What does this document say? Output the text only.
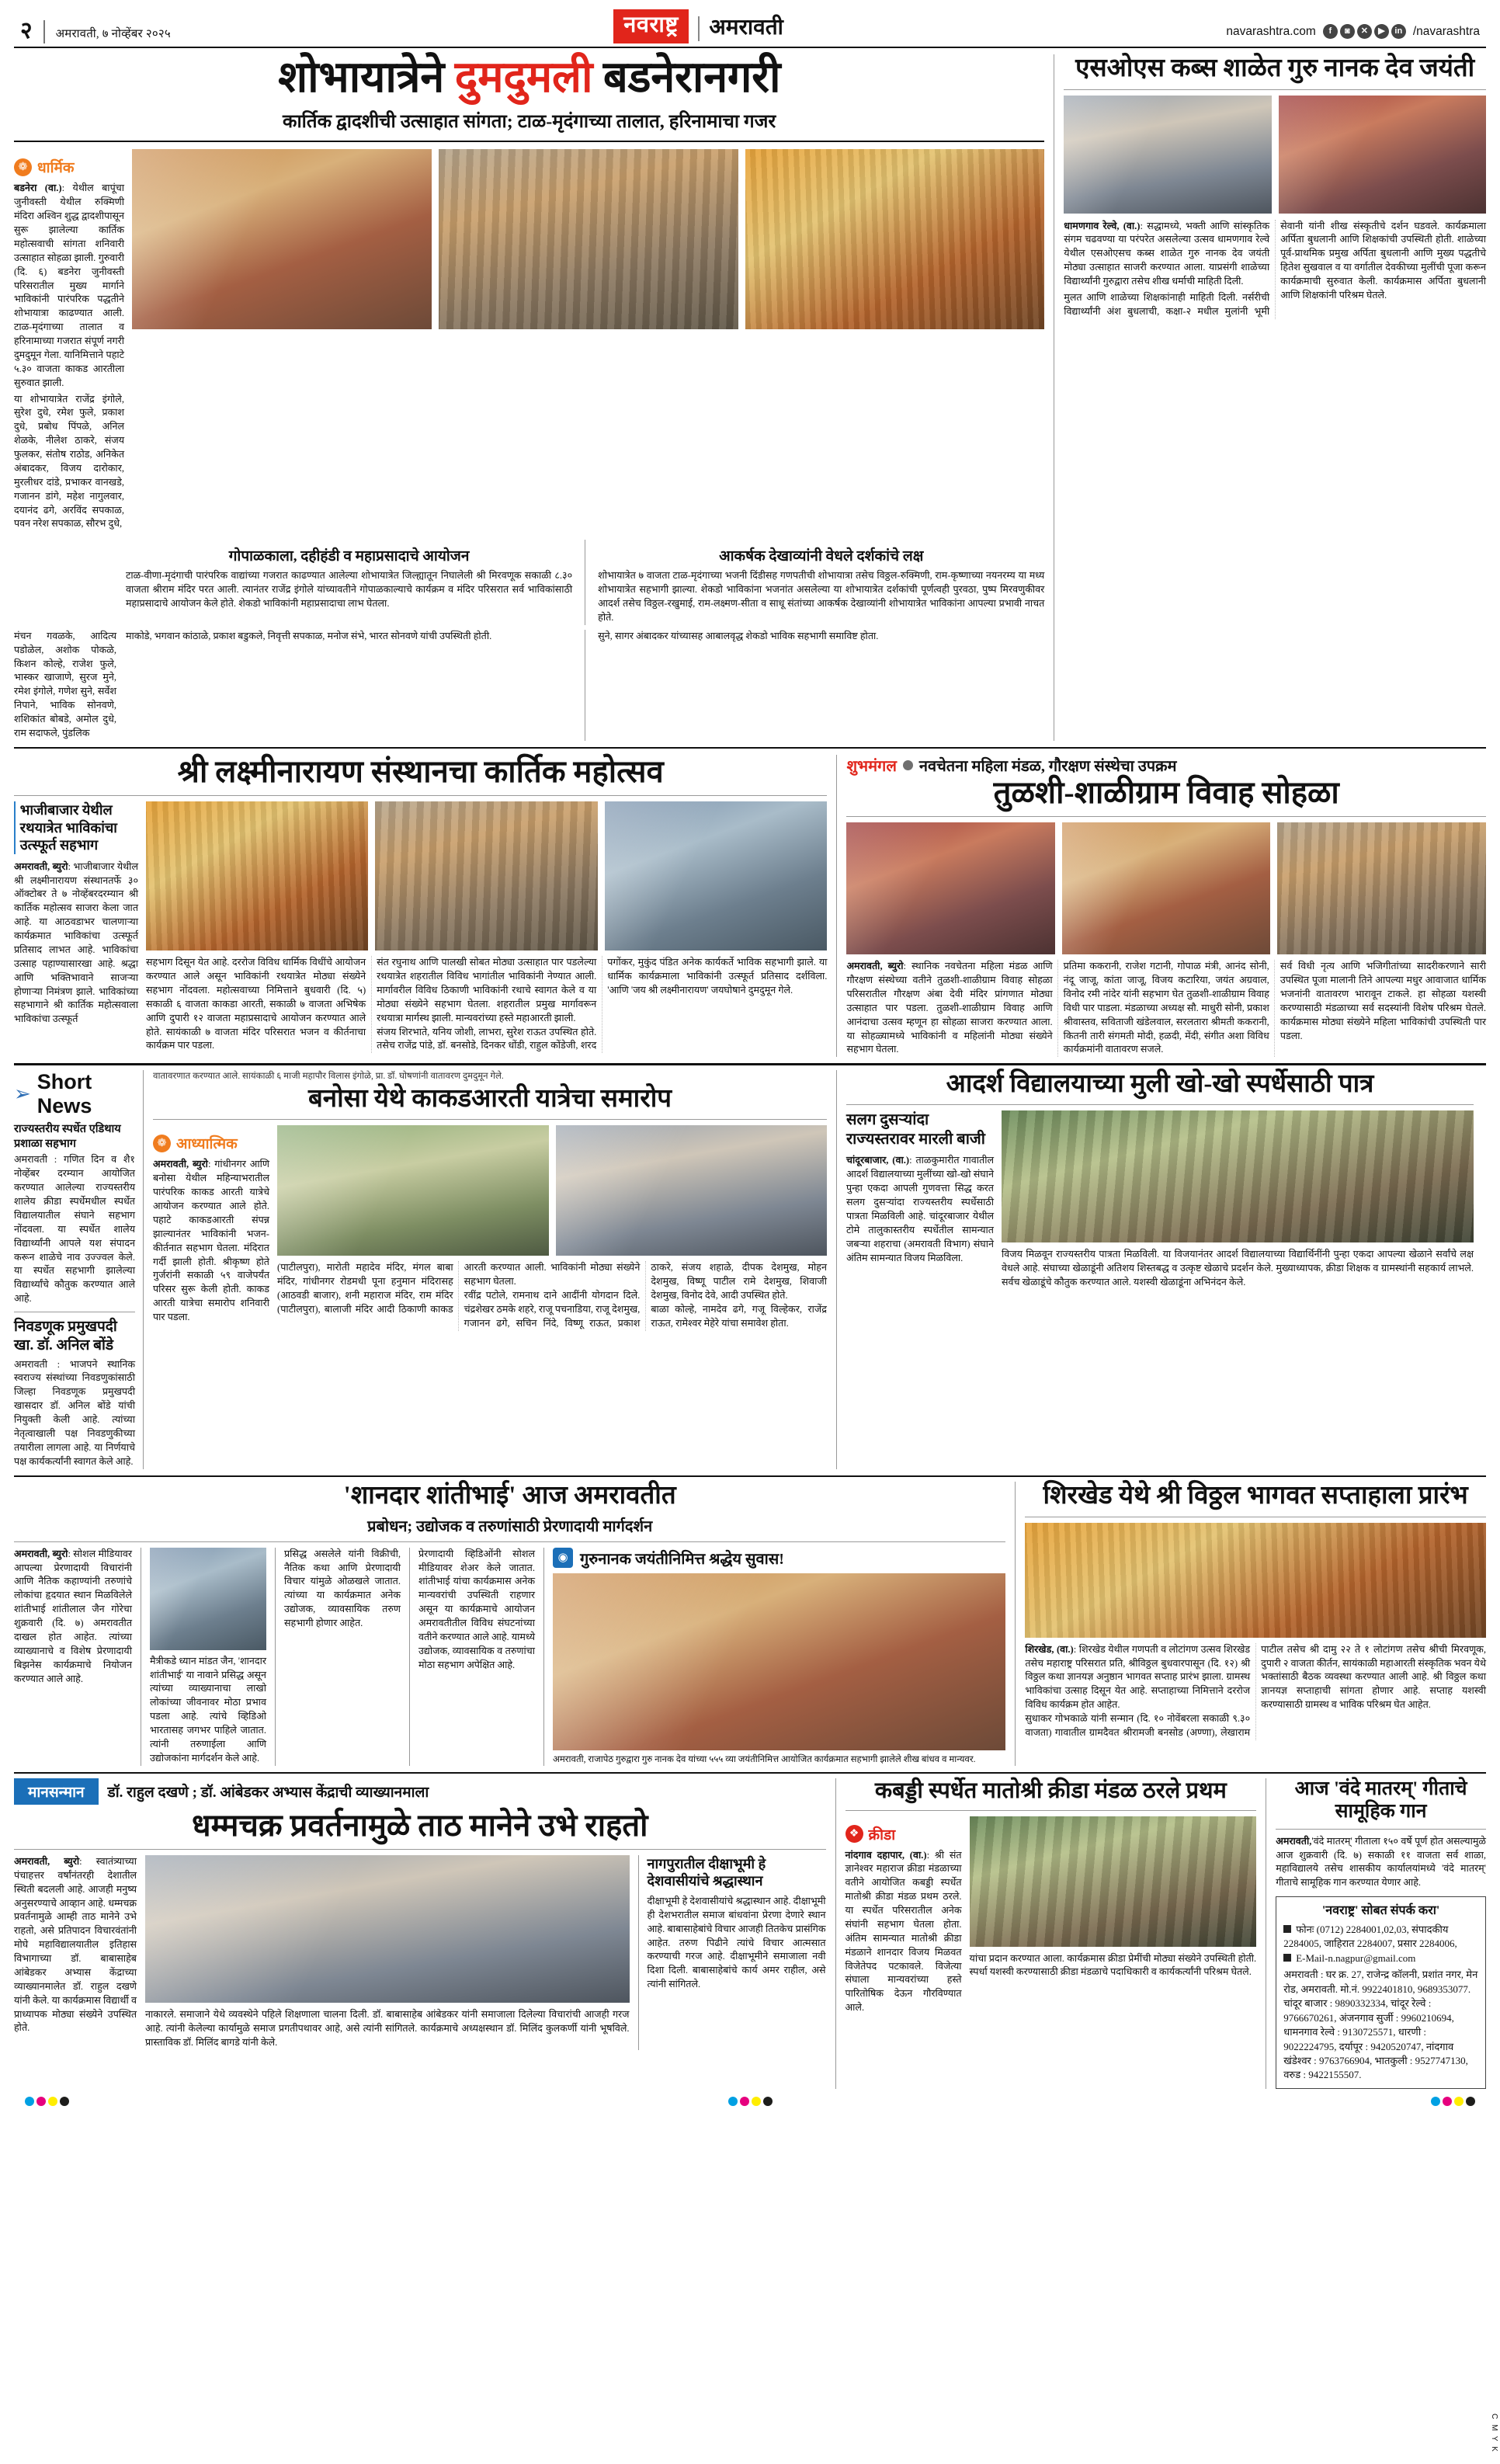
२ अमरावती, ७ नोव्हेंबर २०२५	नवराष्ट्र	अमरावती	navarashtra.com	f	◙	✕	▶	in /navarashtra
शोभायात्रेने दुमदुमली बडनेरानगरी
कार्तिक द्वादशीची उत्साहात सांगता; टाळ-मृदंगाच्या तालात, हरिनामाचा गजर
❁ धार्मिक

बडनेरा (वा.): येथील बापूंचा जुनीवस्ती येथील रुक्मिणी मंदिरा अश्विन शुद्ध द्वादशीपासून सुरू झालेल्या कार्तिक महोत्सवाची सांगता शनिवारी उत्साहात सोहळा झाली. गुरुवारी (दि. ६) बडनेरा जुनीवस्ती परिसरातील मुख्य मार्गाने भाविकांनी पारंपरिक पद्धतीने शोभायात्रा काढण्यात आली. टाळ-मृदंगाच्या तालात व हरिनामाच्या गजरात संपूर्ण नगरी दुमदुमून गेला. यानिमित्ताने पहाटे ५.३० वाजता काकड आरतीला सुरुवात झाली.

या शोभायात्रेत राजेंद्र इंगोले, सुरेश दुधे, रमेश फुले, प्रकाश दुधे, प्रबोध पिंपळे, अनिल शेळके, नीलेश ठाकरे, संजय फुलकर, संतोष राठोड, अनिकेत अंबादकर, विजय दारोकार, मुरलीधर दांडे, प्रभाकर वानखडे, गजानन डांगे, महेश नागुलवार, दयानंद ढगे, अरविंद सपकाळ, पवन नरेश सपकाळ, सौरभ दुधे,

गोपाळकाला, दहीहंडी व महाप्रसादाचे आयोजन
टाळ-वीणा-मृदंगाची पारंपरिक वाद्यांच्या गजरात काढण्यात आलेल्या शोभायात्रेत जिल्ह्यातून निघालेली श्री मिरवणूक सकाळी ८.३० वाजता श्रीराम मंदिर परत आली. त्यानंतर राजेंद्र इंगोले यांच्यावतीने गोपाळकाल्याचे कार्यक्रम व मंदिर परिसरात सर्व भाविकांसाठी महाप्रसादाचे आयोजन केले होते. शेकडो भाविकांनी महाप्रसादाचा लाभ घेतला.
आकर्षक देखाव्यांनी वेधले दर्शकांचे लक्ष
शोभायात्रेत ७ वाजता टाळ-मृदंगाच्या भजनी दिंडीसह गणपतीची शोभायात्रा तसेच विठ्ठल-रुक्मिणी, राम-कृष्णाच्या नयनरम्य या मध्य शोभायात्रेत सहभागी झाल्या. शेकडो भाविकांना भजनांत असलेल्या या शोभायात्रेत दर्शकांची पूर्णत्वही पुरवठा, पुष्प मिरवणुकीवर आदर्श तसेच विठ्ठल-रखुमाई, राम-लक्ष्मण-सीता व साधू संतांच्या आकर्षक देखाव्यांनी शोभायात्रेत भाविकांना आपल्या प्रभावी नाचत होते.
मंचन गवळके, आदित्य पडोळेल, अशोक पोकळे, किशन कोल्हे, राजेश फुले, भास्कर खाजाणे, सुरज मुने, रमेश इंगोले, गणेश सुने, सर्वेश निपाने, भाविक सोनवणे, शशिकांत बोबडे, अमोल दुधे, राम सदाफले, पुंडलिक
माकोडे, भगवान कांठाळे, प्रकाश बडुकले, निवृत्ती सपकाळ, मनोज संभे, भारत सोनवणे यांची उपस्थिती होती.	सुने, सागर अंबादकर यांच्यासह आबालवृद्ध शेकडो भाविक सहभागी समाविष्ट होता.
एसओएस कब्स शाळेत गुरु नानक देव जयंती

धामणगाव रेल्वे, (वा.): सद्धामध्ये, भक्ती आणि सांस्कृतिक संगम चढवण्या या परंपरेत असलेल्या उत्सव धामणगाव रेल्वे येथील एसओएसच कब्स शाळेत गुरु नानक देव जयंती मोठ्या उत्साहात साजरी करण्यात आला. याप्रसंगी शाळेच्या विद्यार्थ्यांनी गुरुद्वारा तसेच शीख धर्माची माहिती दिली.

मुलत आणि शाळेच्या शिक्षकांनाही माहिती दिली. नर्सरीची विद्यार्थ्यांनी अंश बुधलाची, कक्षा-२ मधील मुलांनी भूमी सेवानी यांनी शीख संस्कृतीचे दर्शन घडवले. कार्यक्रमाला अर्पिता बुधलानी आणि शिक्षकांची उपस्थिती होती. शाळेच्या पूर्व-प्राथमिक प्रमुख अर्पिता बुधलानी आणि मुख्य पद्धतीचे हितेश सुखवाल व या वर्गातील देवकीच्या मुलींची पूजा करून कार्यक्रमाची सुरुवात केली. कार्यक्रमास अर्पिता बुधलानी आणि शिक्षकांनी परिश्रम घेतले.
श्री लक्ष्मीनारायण संस्थानचा कार्तिक महोत्सव
भाजीबाजार येथील रथयात्रेत भाविकांचा उत्स्फूर्त सहभाग

अमरावती, ब्युरो: भाजीबाजार येथील श्री लक्ष्मीनारायण संस्थानतर्फे ३० ऑक्टोबर ते ७ नोव्हेंबरदरम्यान श्री कार्तिक महोत्सव साजरा केला जात आहे. या आठवडाभर चालणाऱ्या कार्यक्रमात भाविकांचा उत्स्फूर्त प्रतिसाद लाभत आहे. भाविकांचा उत्साह पहाण्यासारखा आहे. श्रद्धा आणि भक्तिभावाने साजऱ्या होणाऱ्या निमंत्रण झाले. भाविकांच्या सहभागाने श्री कार्तिक महोत्सवाला भाविकांचा उत्स्फूर्त

सहभाग दिसून येत आहे. दररोज विविध धार्मिक विधींचे आयोजन करण्यात आले असून भाविकांनी रथयात्रेत मोठ्या संख्येने सहभाग नोंदवला. महोत्सवाच्या निमित्ताने बुधवारी (दि. ५) सकाळी ६ वाजता काकडा आरती, सकाळी ७ वाजता अभिषेक आणि दुपारी १२ वाजता महाप्रसादाचे आयोजन करण्यात आले होते. सायंकाळी ७ वाजता मंदिर परिसरात भजन व कीर्तनाचा कार्यक्रम पार पडला.
संत रघुनाथ आणि पालखी सोबत मोठ्या उत्साहात पार पडलेल्या रथयात्रेत शहरातील विविध भागांतील भाविकांनी नेण्यात आली. मार्गावरील विविध ठिकाणी भाविकांनी रथाचे स्वागत केले व या मोठ्या संख्येने सहभाग घेतला. शहरातील प्रमुख मार्गावरून रथयात्रा मार्गस्थ झाली. मान्यवरांच्या हस्ते महाआरती झाली.
संजय शिरभाते, यनिय जोशी, लाभरा, सुरेश राऊत उपस्थित होते. तसेच राजेंद्र पांडे, डॉ. बनसोडे, दिनकर धोंडी, राहुल कोंडेजी, शरद पगोंकर, मुकुंद पंडित अनेक कार्यकर्ते भाविक सहभागी झाले. या धार्मिक कार्यक्रमाला भाविकांनी उत्स्फूर्त प्रतिसाद दर्शविला. 'आणि 'जय श्री लक्ष्मीनारायण' जयघोषाने दुमदुमून गेले.
शुभमंगल नवचेतना महिला मंडळ, गौरक्षण संस्थेचा उपक्रम
तुळशी-शाळीग्राम विवाह सोहळा
अमरावती, ब्युरो: स्थानिक नवचेतना महिला मंडळ आणि गौरक्षण संस्थेच्या वतीने तुळशी-शाळीग्राम विवाह सोहळा परिसरातील गौरक्षण अंबा देवी मंदिर प्रांगणात मोठ्या उत्साहात पार पडला. तुळशी-शाळीग्राम विवाह आणि आनंदाचा उत्सव म्हणून हा सोहळा साजरा करण्यात आला. या सोहळ्यामध्ये भाविकांनी व महिलांनी मोठ्या संख्येने सहभाग घेतला.
प्रतिमा ककरानी, राजेश गटानी, गोपाळ मंत्री, आनंद सोनी, नंदू जाजू, कांता जाजू, विजय कटारिया, जयंत अग्रवाल, विनोद रमी नांदेर यांनी सहभाग घेत तुळशी-शाळीग्राम विवाह विधी पार पाडला. मंडळाच्या अध्यक्ष सौ. माधुरी सोनी, प्रकाश श्रीवास्तव, सविताजी खंडेलवाल, सरलतारा श्रीमती ककरानी, कितनी तारी संगमती मोदी, हळदी, मेंदी, संगीत अशा विविध कार्यक्रमांनी वातावरण सजले.
सर्व विधी नृत्य आणि भजिगीतांच्या सादरीकरणाने सारी उपस्थित पूजा मालानी तिने आपल्या मधुर आवाजात धार्मिक भजनांनी वातावरण भारावून टाकले. हा सोहळा यशस्वी करण्यासाठी मंडळाच्या सर्व सदस्यांनी विशेष परिश्रम घेतले. कार्यक्रमास मोठ्या संख्येने महिला भाविकांची उपस्थिती पार पडला.
➢
Short News
राज्यस्तरीय स्पर्धेत एडिथाय प्रशाळा सहभाग
अमरावती : गणित दिन व शै१ नोव्हेंबर दरम्यान आयोजित करण्यात आलेल्या राज्यस्तरीय शालेय क्रीडा स्पर्धेमधील स्पर्धेत विद्यालयातील संघाने सहभाग नोंदवला. या स्पर्धेत शालेय विद्यार्थ्यांनी आपले यश संपादन करून शाळेचे नाव उज्ज्वल केले. या स्पर्धेत सहभागी झालेल्या विद्यार्थ्यांचे कौतुक करण्यात आले आहे.
निवडणूक प्रमुखपदी खा. डॉ. अनिल बोंडे
अमरावती : भाजपने स्थानिक स्वराज्य संस्थांच्या निवडणुकांसाठी जिल्हा निवडणूक प्रमुखपदी खासदार डॉ. अनिल बोंडे यांची नियुक्ती केली आहे. त्यांच्या नेतृत्वाखाली पक्ष निवडणुकीच्या तयारीला लागला आहे. या निर्णयाचे पक्ष कार्यकर्त्यांनी स्वागत केले आहे.
वातावरणात करण्यात आले. सायंकाळी ६ माजी महापौर विलास इंगोळे, प्रा. डॉ. घोषणांनी वातावरण दुमदुमून गेले.
बनोसा येथे काकडआरती यात्रेचा समारोप
❁ आध्यात्मिक
अमरावती, ब्युरो: गांधीनगर आणि बनोसा येथील महिन्याभरातील पारंपरिक काकड आरती यात्रेचे आयोजन करण्यात आले होते. पहाटे काकडआरती संपन्न झाल्यानंतर भाविकांनी भजन-कीर्तनात सहभाग घेतला. मंदिरात गर्दी झाली होती. श्रीकृष्ण होते गुर्जरांनी सकाळी ५९ वाजेपर्यंत परिसर सुरू केली होती. काकड आरती यात्रेचा समारोप शनिवारी पार पडला.
(पाटीलपुरा), मारोती महादेव मंदिर, मंगल बाबा मंदिर, गांधीनगर रोडमधी पूना हनुमान मंदिरासह (आठवडी बाजार), शनी महाराज मंदिर, राम मंदिर (पाटीलपुरा), बालाजी मंदिर आदी ठिकाणी काकड आरती करण्यात आली. भाविकांनी मोठ्या संख्येने सहभाग घेतला.
रवींद्र पटोले, रामनाथ दाने आदींनी योगदान दिले. चंद्रशेखर ठमके शहरे, राजू पचनाडिया, राजू देशमुख, गजानन ढगे, सचिन निंदे, विष्णू राऊत, प्रकाश ठाकरे, संजय शहाळे, दीपक देशमुख, मोहन देशमुख, विष्णू पाटील रामे देशमुख, शिवाजी देशमुख, विनोद देवे, आदी उपस्थित होते.
बाळा कोल्हे, नामदेव ढगे, गजू विल्हेकर, राजेंद्र राऊत, रामेश्वर मेहेरे यांचा समावेश होता.
आदर्श विद्यालयाच्या मुली खो-खो स्पर्धेसाठी पात्र
सलग दुसऱ्यांदा
राज्यस्तरावर मारली बाजी
चांदूरबाजार, (वा.): ताळकुमारीत गावातील आदर्श विद्यालयाच्या मुलींच्या खो-खो संघाने पुन्हा एकदा आपली गुणवत्ता सिद्ध करत सलग दुसऱ्यांदा राज्यस्तरीय स्पर्धेसाठी पात्रता मिळविली आहे. चांदूरबाजार येथील टोमे तालुकास्तरीय स्पर्धेतील सामन्यात जबऱ्या शहराचा (अमरावती विभाग) संघाने अंतिम सामन्यात विजय मिळविला.	विजय मिळवून राज्यस्तरीय पात्रता मिळविली. या विजयानंतर आदर्श विद्यालयाच्या विद्यार्थिनींनी पुन्हा एकदा आपल्या खेळाने सर्वांचे लक्ष वेधले आहे. संघाच्या खेळाडूंनी अतिशय शिस्तबद्ध व उत्कृष्ट खेळाचे प्रदर्शन केले. मुख्याध्यापक, क्रीडा शिक्षक व ग्रामस्थांनी सहकार्य लाभले. सर्वच खेळाडूंचे कौतुक करण्यात आले. यशस्वी खेळाडूंना अभिनंदन केले.
'शानदार शांतीभाई' आज अमरावतीत
प्रबोधन; उद्योजक व तरुणांसाठी प्रेरणादायी मार्गदर्शन
अमरावती, ब्युरो: सोशल मीडियावर आपल्या प्रेरणादायी विचारांनी आणि नैतिक कहाण्यांनी तरुणांचे लोकांचा हृदयात स्थान मिळविलेले शांतीभाई शांतीलाल जैन गोरेचा शुक्रवारी (दि. ७) अमरावतीत दाखल होत आहेत. त्यांच्या व्याख्यानाचे व विशेष प्रेरणादायी बिझनेस कार्यक्रमाचे नियोजन करण्यात आले आहे.
मैत्रीकडे ध्यान मांडत जैन, 'शानदार शांतीभाई' या नावाने प्रसिद्ध असून त्यांच्या व्याख्यानाचा लाखो लोकांच्या जीवनावर मोठा प्रभाव पडला आहे. त्यांचे व्हिडिओ भारतासह जगभर पाहिले जातात. त्यांनी तरुणाईला आणि उद्योजकांना मार्गदर्शन केले आहे.
प्रसिद्ध असलेले यांनी विक्रीची, नैतिक कथा आणि प्रेरणादायी विचार यांमुळे ओळखले जातात. त्यांच्या या कार्यक्रमात अनेक उद्योजक, व्यावसायिक तरुण सहभागी होणार आहेत.
प्रेरणादायी व्हिडिओंनी सोशल मीडियावर शेअर केले जातात. शांतीभाई यांचा कार्यक्रमास अनेक मान्यवरांची उपस्थिती राहणार असून या कार्यक्रमाचे आयोजन अमरावतीतील विविध संघटनांच्या वतीने करण्यात आले आहे. यामध्ये उद्योजक, व्यावसायिक व तरुणांचा मोठा सहभाग अपेक्षित आहे.
◉ गुरुनानक जयंतीनिमित्त श्रद्धेय सुवास!
अमरावती, राजापेठ गुरुद्वारा गुरु नानक देव यांच्या ५५५ व्या जयंतीनिमित्त आयोजित कार्यक्रमात सहभागी झालेले शीख बांधव व मान्यवर.
शिरखेड येथे श्री विठ्ठल भागवत सप्ताहाला प्रारंभ
शिरखेड, (वा.): शिरखेड येथील गणपती व लोटांगण उत्सव शिरखेड तसेच महाराष्ट्र परिसरात प्रति, श्रीविठ्ठल बुधवारपासून (दि. १२) श्री विठ्ठल कथा ज्ञानयज्ञ अनुष्ठान भागवत सप्ताह प्रारंभ झाला. ग्रामस्थ भाविकांचा उत्साह दिसून येत आहे. सप्ताहाच्या निमित्ताने दररोज विविध कार्यक्रम होत आहेत.
सुधाकर गोभकाळे यांनी सन्मान (दि. १० नोवेंबरला सकाळी ९.३० वाजता) गावातील ग्रामदैवत श्रीरामजी बनसोड (अण्णा), लेखाराम पाटील तसेच श्री दामु २२ ते १ लोटांगण तसेच श्रीची मिरवणूक, दुपारी २ वाजता कीर्तन, सायंकाळी महाआरती संस्कृतिक भवन येथे भक्तांसाठी बैठक व्यवस्था करण्यात आली आहे. श्री विठ्ठल कथा ज्ञानयज्ञ सप्ताहाची सांगता होणार आहे. सप्ताह यशस्वी करण्यासाठी ग्रामस्थ व भाविक परिश्रम घेत आहेत.
मानसन्मान	डॉ. राहुल दखणे ; डॉ. आंबेडकर अभ्यास केंद्राची व्याख्यानमाला
धम्मचक्र प्रवर्तनामुळे ताठ मानेने उभे राहतो
अमरावती, ब्युरो: स्वातंत्र्याच्या पंचाहत्तर वर्षांनंतरही देशातील स्थिती बदलली आहे. आजही मनुष्य अनुसरण्याचे आव्हान आहे. धम्मचक्र प्रवर्तनामुळे आम्ही ताठ मानेने उभे राहतो, असे प्रतिपादन विचारवंतांनी मोघे महाविद्यालयातील इतिहास विभागाच्या डॉ. बाबासाहेब आंबेडकर अभ्यास केंद्राच्या व्याख्यानमालेत डॉ. राहुल दखणे यांनी केले. या कार्यक्रमास विद्यार्थी व प्राध्यापक मोठ्या संख्येने उपस्थित होते.
नाकारले. समाजाने येथे व्यवस्थेने पहिले शिक्षणाला चालना दिली. डॉ. बाबासाहेब आंबेडकर यांनी समाजाला दिलेल्या विचारांची आजही गरज आहे. त्यांनी केलेल्या कार्यामुळे समाज प्रगतीपथावर आहे, असे त्यांनी सांगितले. कार्यक्रमाचे अध्यक्षस्थान डॉ. मिलिंद कुलकर्णी यांनी भूषविले. प्रास्ताविक डॉ. मिलिंद बागडे यांनी केले.
नागपुरातील दीक्षाभूमी हे देशवासीयांचे श्रद्धास्थान
दीक्षाभूमी हे देशवासीयांचे श्रद्धास्थान आहे. दीक्षाभूमी ही देशभरातील समाज बांधवांना प्रेरणा देणारे स्थान आहे. बाबासाहेबांचे विचार आजही तितकेच प्रासंगिक आहेत. तरुण पिढीने त्यांचे विचार आत्मसात करण्याची गरज आहे. दीक्षाभूमीने समाजाला नवी दिशा दिली. बाबासाहेबांचे कार्य अमर राहील, असे त्यांनी सांगितले.
कबड्डी स्पर्धेत मातोश्री क्रीडा मंडळ ठरले प्रथम
❖ क्रीडा
नांदगाव दहापार, (वा.): श्री संत ज्ञानेश्वर महाराज क्रीडा मंडळाच्या वतीने आयोजित कबड्डी स्पर्धेत मातोश्री क्रीडा मंडळ प्रथम ठरले. या स्पर्धेत परिसरातील अनेक संघांनी सहभाग घेतला होता. अंतिम सामन्यात मातोश्री क्रीडा मंडळाने शानदार विजय मिळवत विजेतेपद पटकावले. विजेत्या संघाला मान्यवरांच्या हस्ते पारितोषिक देऊन गौरविण्यात आले.
यांचा प्रदान करण्यात आला. कार्यक्रमास क्रीडा प्रेमींची मोठ्या संख्येने उपस्थिती होती. स्पर्धा यशस्वी करण्यासाठी क्रीडा मंडळाचे पदाधिकारी व कार्यकर्त्यांनी परिश्रम घेतले.
आज 'वंदे मातरम्' गीताचे सामूहिक गान
अमरावती,'वंदे मातरम्' गीताला १५० वर्षे पूर्ण होत असल्यामुळे आज शुक्रवारी (दि. ७) सकाळी ११ वाजता सर्व शाळा, महाविद्यालये तसेच शासकीय कार्यालयांमध्ये 'वंदे मातरम्' गीताचे सामूहिक गान करण्यात येणार आहे.
'नवराष्ट्र' सोबत संपर्क करा'
फोनः (0712) 2284001,02,03, संपादकीय 2284005, जाहिरात 2284007, प्रसार 2284006,
E-Mail-n.nagpur@gmail.com
अमरावती : घर क्र. 27, राजेन्द्र कॉलनी, प्रशांत नगर, मेन रोड, अमरावती. मो.नं. 9922401810, 9689353077. चांदूर बाजार : 9890332334, चांदूर रेल्वे : 9766670261, अंजनगाव सुर्जी : 9960210694, धामनगाव रेल्वे : 9130725571, धारणी : 9022224795, दर्यापूर : 9420520747, नांदगाव खंडेश्वर : 9763766904, भातकुली : 9527747130, वरुड : 9422155507.
C M Y K
